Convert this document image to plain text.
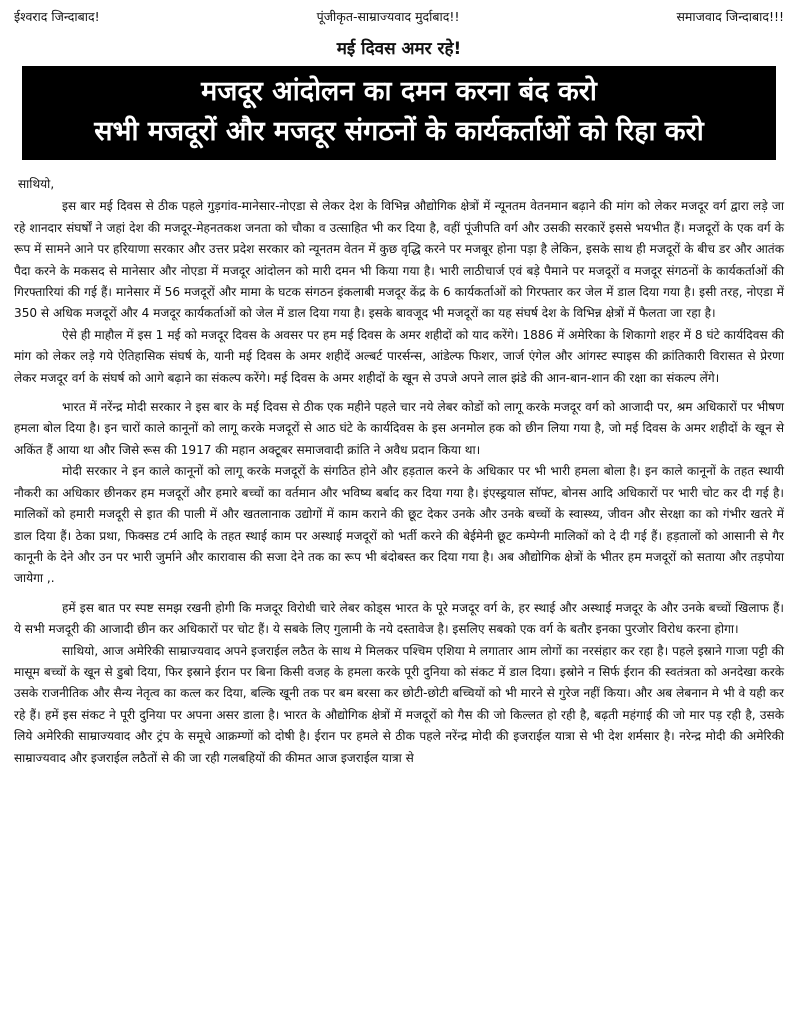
ईश्वराद जिन्दाबाद!	पूंजीकृत-साम्राज्यवाद मुर्दाबाद!!	समाजवाद जिन्दाबाद!!!
मई दिवस अमर रहे!
मजदूर आंदोलन का दमन करना बंद करो
सभी मजदूरों और मजदूर संगठनों के कार्यकर्ताओं को रिहा करो

साथियो,

इस बार मई दिवस से ठीक पहले गुड़गांव-मानेसार-नोएडा से लेकर देश के विभिन्न औद्योगिक क्षेत्रों में न्यूनतम वेतनमान बढ़ाने की मांग को लेकर मजदूर वर्ग द्वारा लड़े जा रहे शानदार संघर्षों ने जहां देश की मजदूर-मेहनतकश जनता को चौका व उत्साहित भी कर दिया है, वहीं पूंजीपति वर्ग और उसकी सरकारें इससे भयभीत हैं। मजदूरों के एक वर्ग के रूप में सामने आने पर हरियाणा सरकार और उत्तर प्रदेश सरकार को न्यूनतम वेतन में कुछ वृद्धि करने पर मजबूर होना पड़ा है लेकिन, इसके साथ ही मजदूरों के बीच डर और आतंक पैदा करने के मकसद से मानेसार और नोएडा में मजदूर आंदोलन को मारी दमन भी किया गया है। भारी लाठीचार्ज एवं बड़े पैमाने पर मजदूरों व मजदूर संगठनों के कार्यकर्ताओं की गिरफ्तारियां की गई हैं। मानेसार में 56 मजदूरों और मामा के घटक संगठन इंकलाबी मजदूर केंद्र के 6 कार्यकर्ताओं को गिरफ्तार कर जेल में डाल दिया गया है। इसी तरह, नोएडा में 350 से अधिक मजदूरों और 4 मजदूर कार्यकर्ताओं को जेल में डाल दिया गया है। इसके बावजूद भी मजदूरों का यह संघर्ष देश के विभिन्न क्षेत्रों में फैलता जा रहा है।

ऐसे ही माहौल में इस 1 मई को मजदूर दिवस के अवसर पर हम मई दिवस के अमर शहीदों को याद करेंगे। 1886 में अमेरिका के शिकागो शहर में 8 घंटे कार्यदिवस की मांग को लेकर लड़े गये ऐतिहासिक संघर्ष के, यानी मई दिवस के अमर शहीदें अल्बर्ट पारर्सन्स, आंडेल्फ फिशर, जार्ज एंगेल और आंगस्ट स्पाइस की क्रांतिकारी विरासत से प्रेरणा लेकर मजदूर वर्ग के संघर्ष को आगे बढ़ाने का संकल्प करेंगे। मई दिवस के अमर शहीदों के खून से उपजे अपने लाल झंडे की आन-बान-शान की रक्षा का संकल्प लेंगे।

भारत में नरेंन्द्र मोदी सरकार ने इस बार के मई दिवस से ठीक एक महीने पहले चार नये लेबर कोडों को लागू करके मजदूर वर्ग को आजादी पर, श्रम अधिकारों पर भीषण हमला बोल दिया है। इन चारों काले कानूनों को लागू करके मजदूरों से आठ घंटे के कार्यदिवस के इस अनमोल हक को छीन लिया गया है, जो मई दिवस के अमर शहीदों के खून से अकिंत हैं आया था और जिसे रूस की 1917 की महान अक्टूबर समाजवादी क्रांति ने अवैध प्रदान किया था।

मोदी सरकार ने इन काले कानूनों को लागू करके मजदूरों के संगठित होने और हड़ताल करने के अधिकार पर भी भारी हमला बोला है। इन काले कानूनों के तहत स्थायी नौकरी का अधिकार छीनकर हम मजदूरों और हमारे बच्चों का वर्तमान और भविष्य बर्बाद कर दिया गया है। इंएस्ड्रयाल सॉफ्ट, बोनस आदि अधिकारों पर भारी चोट कर दी गई है। मालिकों को हमारी मजदूरी से इात की पाली में और खतलानाक उद्योगों में काम कराने की छूट देकर उनके और उनके बच्चों के स्वास्थ्य, जीवन और सेरक्षा का को गंभीर खतरे में डाल दिया हैं। ठेका प्रथा, फिक्सड टर्म आदि के तहत स्थाई काम पर अस्थाई मजदूरों को भर्ती करने की बेईमेनी छूट कम्पेग्नी मालिकों को दे दी गई हैं। हड़तालों को आसानी से गैर कानूनी के देने और उन पर भारी जुर्माने और कारावास की सजा देने तक का रूप भी बंदोबस्त कर दिया गया है। अब औद्योगिक क्षेत्रों के भीतर हम मजदूरों को सताया और तड़पोया जायेगा ,.

हमें इस बात पर स्पष्ट समझ रखनी होगी कि मजदूर विरोधी चारे लेबर कोड्स भारत के पूरे मजदूर वर्ग के, हर स्थाई और अस्थाई मजदूर के और उनके बच्चों खिलाफ हैं। ये सभी मजदूरी की आजादी छीन कर अधिकारों पर चोट हैं। ये सबके लिए गुलामी के नये दस्तावेज है। इसलिए सबको एक वर्ग के बतौर इनका पुरजोर विरोध करना होगा।

साथियो, आज अमेरिकी साम्राज्यवाद अपने इजराईल लठैत के साथ मे मिलकर पश्चिम एशिया मे लगातार आम लोगों का नरसंहार कर रहा है। पहले इस्राने गाजा पट्टी की मासूम बच्चों के खून से डुबो दिया, फिर इस्राने ईरान पर बिना किसी वजह के हमला करके पूरी दुनिया को संकट में डाल दिया। इस्रोने न सिर्फ ईरान की स्वतंत्रता को अनदेखा करके उसके राजनीतिक और सैन्य नेतृत्व का कत्ल कर दिया, बल्कि खूनी तक पर बम बरसा कर छोटी-छोटी बच्चियों को भी मारने से गुरेज नहीं किया। और अब लेबनान मे भी वे यही कर रहे हैं। हमें इस संकट ने पूरी दुनिया पर अपना असर डाला है। भारत के औद्योगिक क्षेत्रों में मजदूरों को गैस की जो किल्लत हो रही है, बढ़ती महंगाई की जो मार पड़ रही है, उसके लिये अमेरिकी साम्राज्यवाद और ट्रंप के समूचे आक्रम्णों को दोषी है। ईरान पर हमले से ठीक पहले नरेंन्द्र मोदी की इजराईल यात्रा से भी देश शर्मसार है। नरेन्द्र मोदी की अमेरिकी साम्राज्यवाद और इजराईल लठैतों से की जा रही गलबहियों की कीमत आज इजराईल यात्रा से
